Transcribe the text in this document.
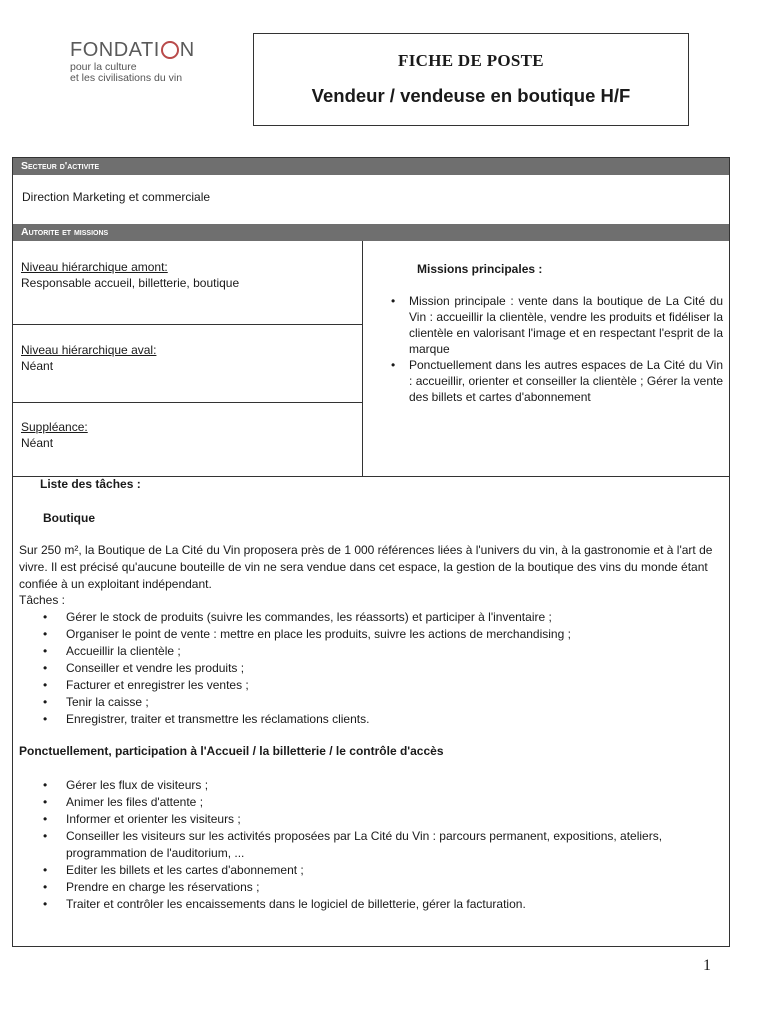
FONDATI N
pour la culture
et les civilisations du vin
FICHE DE POSTE
Vendeur / vendeuse en boutique H/F
Secteur d'activite
Direction Marketing et commerciale
Autorite et missions
Niveau hiérarchique amont:
Responsable accueil, billetterie, boutique
Niveau hiérarchique aval:
Néant
Suppléance:
Néant
Missions principales :
• Mission principale : vente dans la boutique de La Cité du Vin : accueillir la clientèle, vendre les produits et fidéliser la clientèle en valorisant l'image et en respectant l'esprit de la marque
• Ponctuellement dans les autres espaces de La Cité du Vin : accueillir, orienter et conseiller la clientèle ; Gérer la vente des billets et cartes d'abonnement
Liste des tâches :
Boutique
Sur 250 m², la Boutique de La Cité du Vin proposera près de 1 000 références liées à l'univers du vin, à la gastronomie et à l'art de vivre. Il est précisé qu'aucune bouteille de vin ne sera vendue dans cet espace, la gestion de la boutique des vins du monde étant confiée à un exploitant indépendant.
Tâches :
• Gérer le stock de produits (suivre les commandes, les réassorts) et participer à l'inventaire ;
• Organiser le point de vente : mettre en place les produits, suivre les actions de merchandising ;
• Accueillir la clientèle ;
• Conseiller et vendre les produits ;
• Facturer et enregistrer les ventes ;
• Tenir la caisse ;
• Enregistrer, traiter et transmettre les réclamations clients.
Ponctuellement, participation à l'Accueil / la billetterie / le contrôle d'accès
• Gérer les flux de visiteurs ;
• Animer les files d'attente ;
• Informer et orienter les visiteurs ;
• Conseiller les visiteurs sur les activités proposées par La Cité du Vin : parcours permanent, expositions, ateliers, programmation de l'auditorium, ...
• Editer les billets et les cartes d'abonnement ;
• Prendre en charge les réservations ;
• Traiter et contrôler les encaissements dans le logiciel de billetterie, gérer la facturation.
1
